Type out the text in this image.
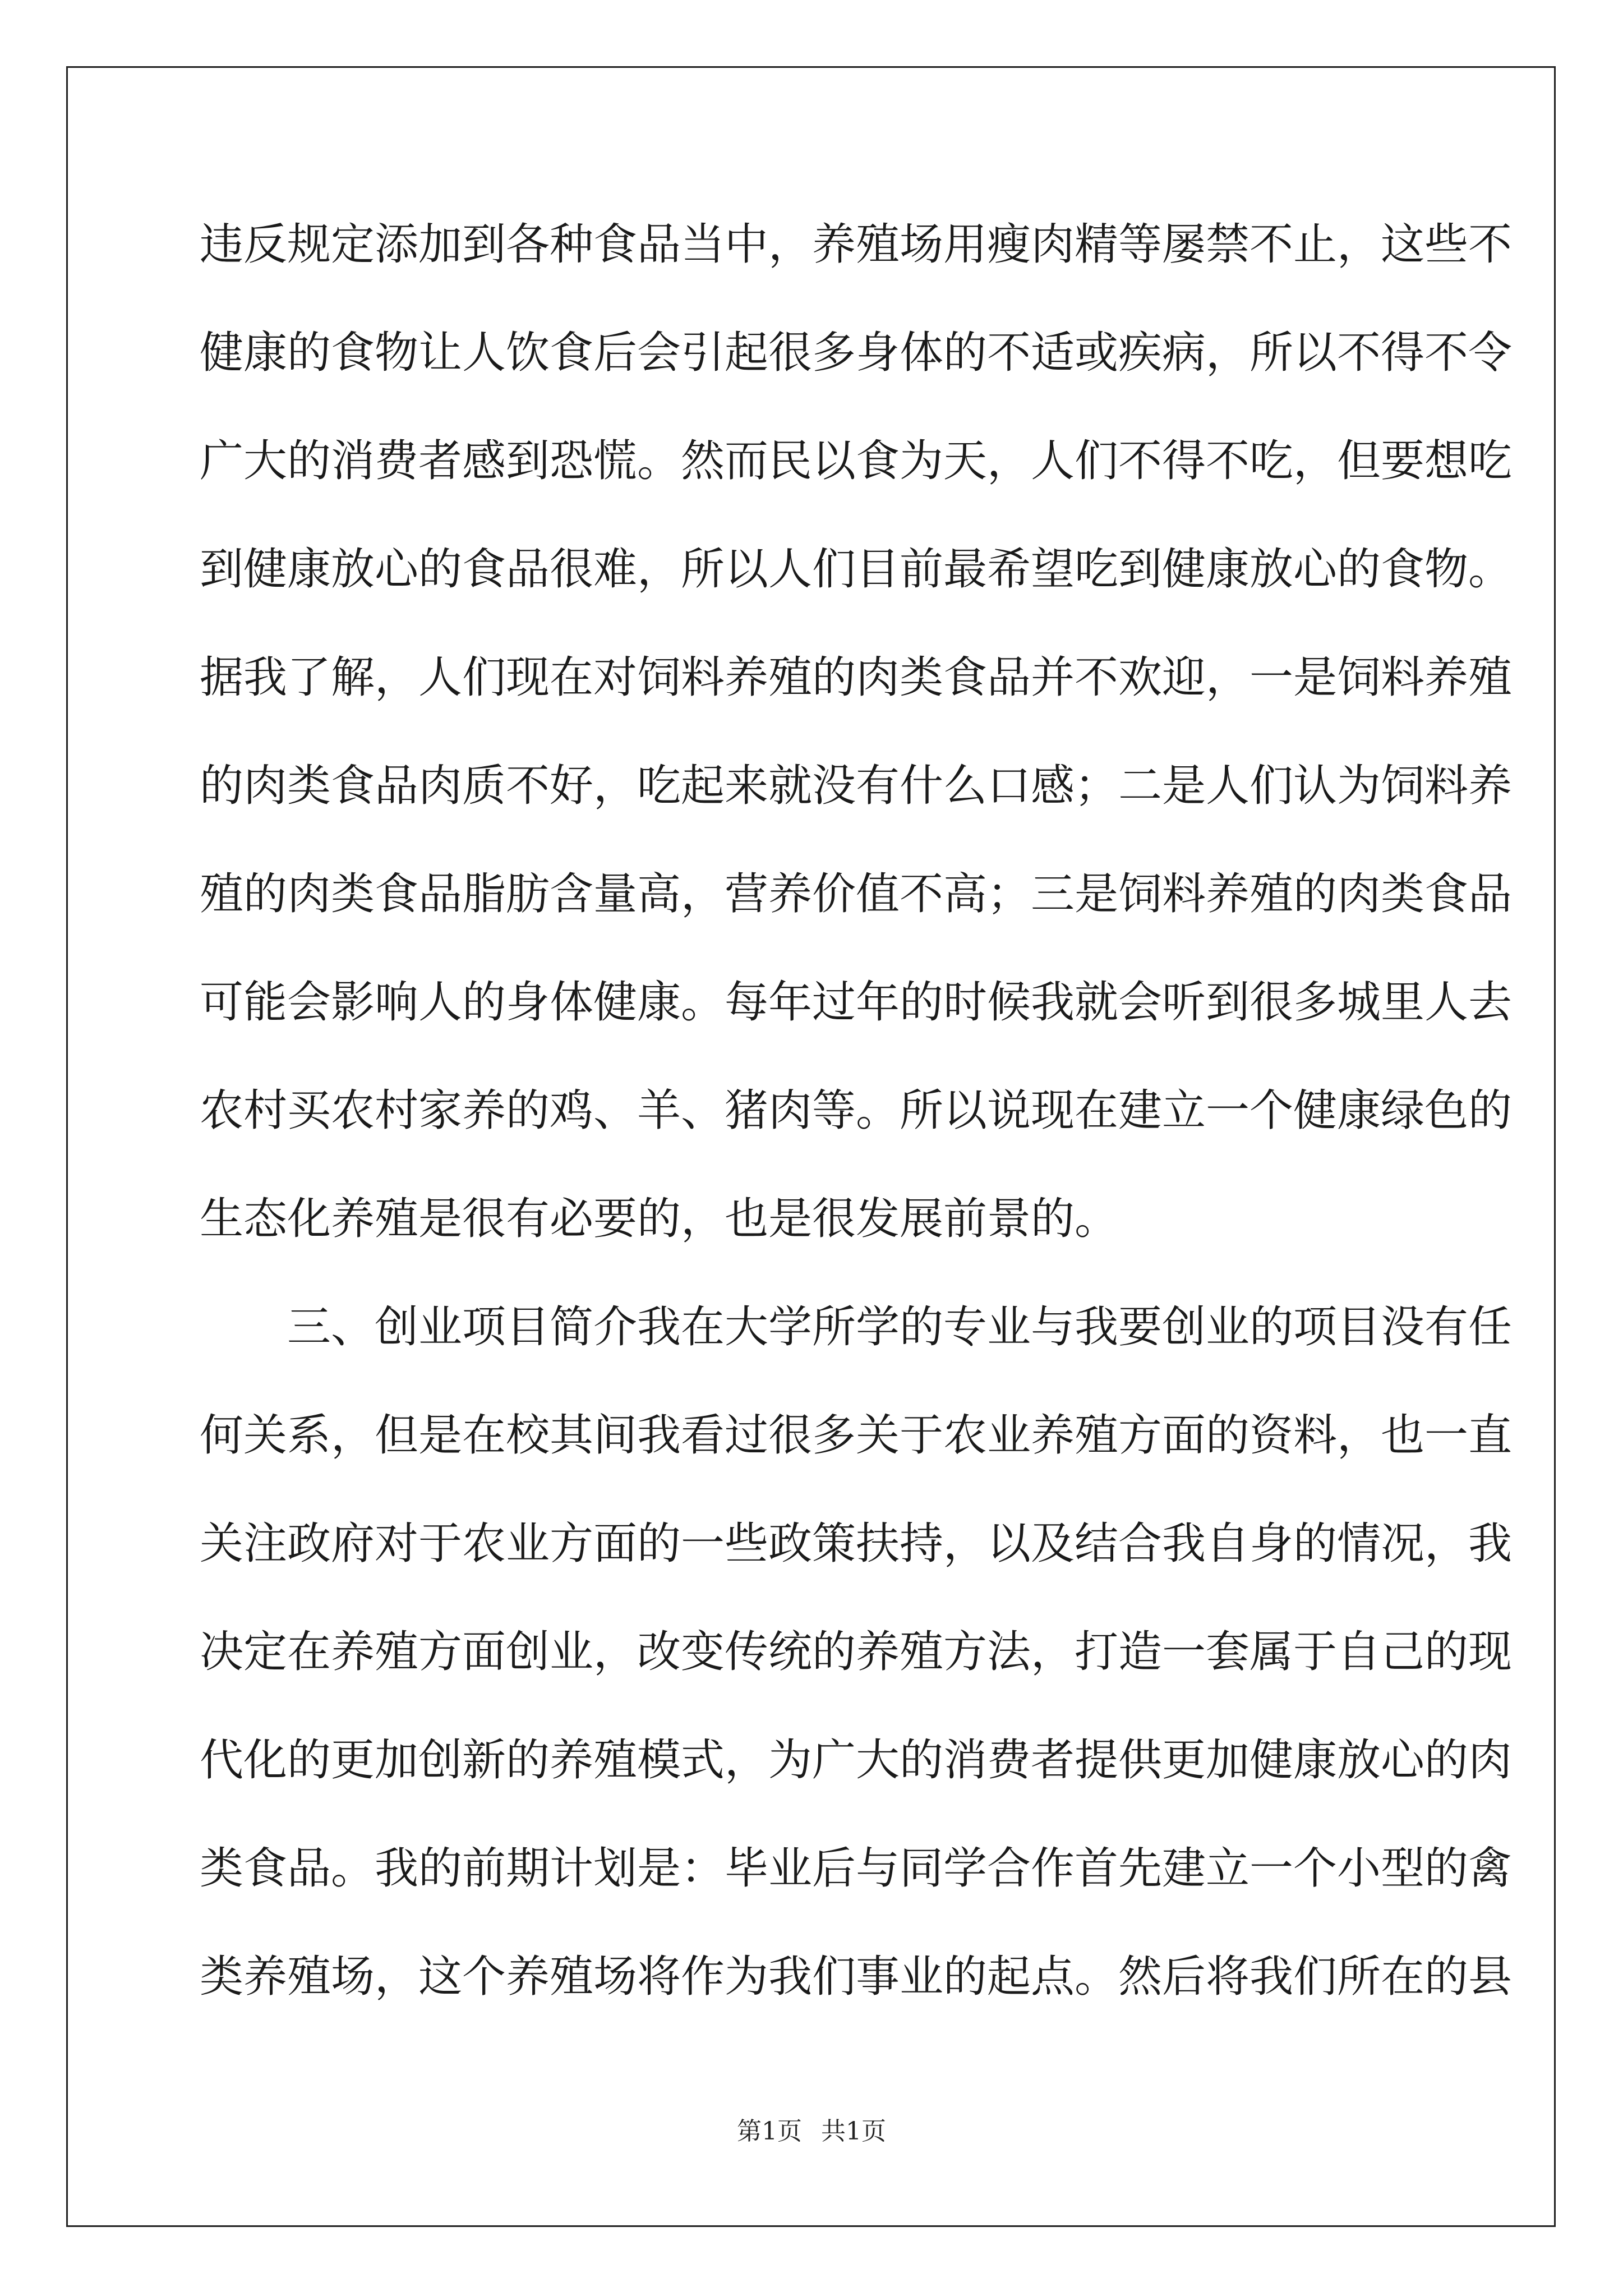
违反规定添加到各种食品当中，养殖场用瘦肉精等屡禁不止，这些不
健康的食物让人饮食后会引起很多身体的不适或疾病，所以不得不令
广大的消费者感到恐慌。然而民以食为天，人们不得不吃，但要想吃
到健康放心的食品很难，所以人们目前最希望吃到健康放心的食物。
据我了解，人们现在对饲料养殖的肉类食品并不欢迎，一是饲料养殖
的肉类食品肉质不好，吃起来就没有什么口感；二是人们认为饲料养
殖的肉类食品脂肪含量高，营养价值不高；三是饲料养殖的肉类食品
可能会影响人的身体健康。每年过年的时候我就会听到很多城里人去
农村买农村家养的鸡、羊、猪肉等。所以说现在建立一个健康绿色的
生态化养殖是很有必要的，也是很发展前景的。
　　三、创业项目简介我在大学所学的专业与我要创业的项目没有任
何关系，但是在校其间我看过很多关于农业养殖方面的资料，也一直
关注政府对于农业方面的一些政策扶持，以及结合我自身的情况，我
决定在养殖方面创业，改变传统的养殖方法，打造一套属于自己的现
代化的更加创新的养殖模式，为广大的消费者提供更加健康放心的肉
类食品。我的前期计划是：毕业后与同学合作首先建立一个小型的禽
类养殖场，这个养殖场将作为我们事业的起点。然后将我们所在的县
第1页 共1页
